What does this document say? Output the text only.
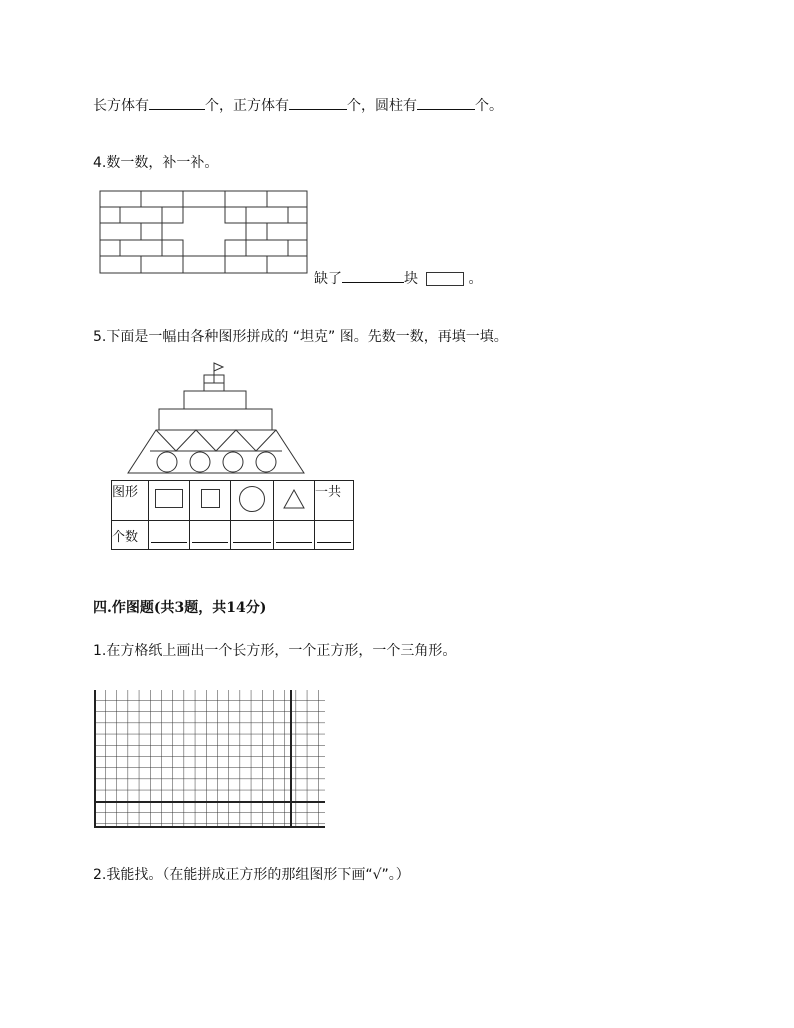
长方体有	个，正方体有	个，圆柱有	个。
4.数一数，补一补。
缺了	块	。
5.下面是一幅由各种图形拼成的 “坦克” 图。先数一数，再填一填。
图形					一共
个数	

四.作图题(共3题，共14分)
1.在方格纸上画出一个长方形，一个正方形，一个三角形。
2.我能找。（在能拼成正方形的那组图形下画“√”。）
